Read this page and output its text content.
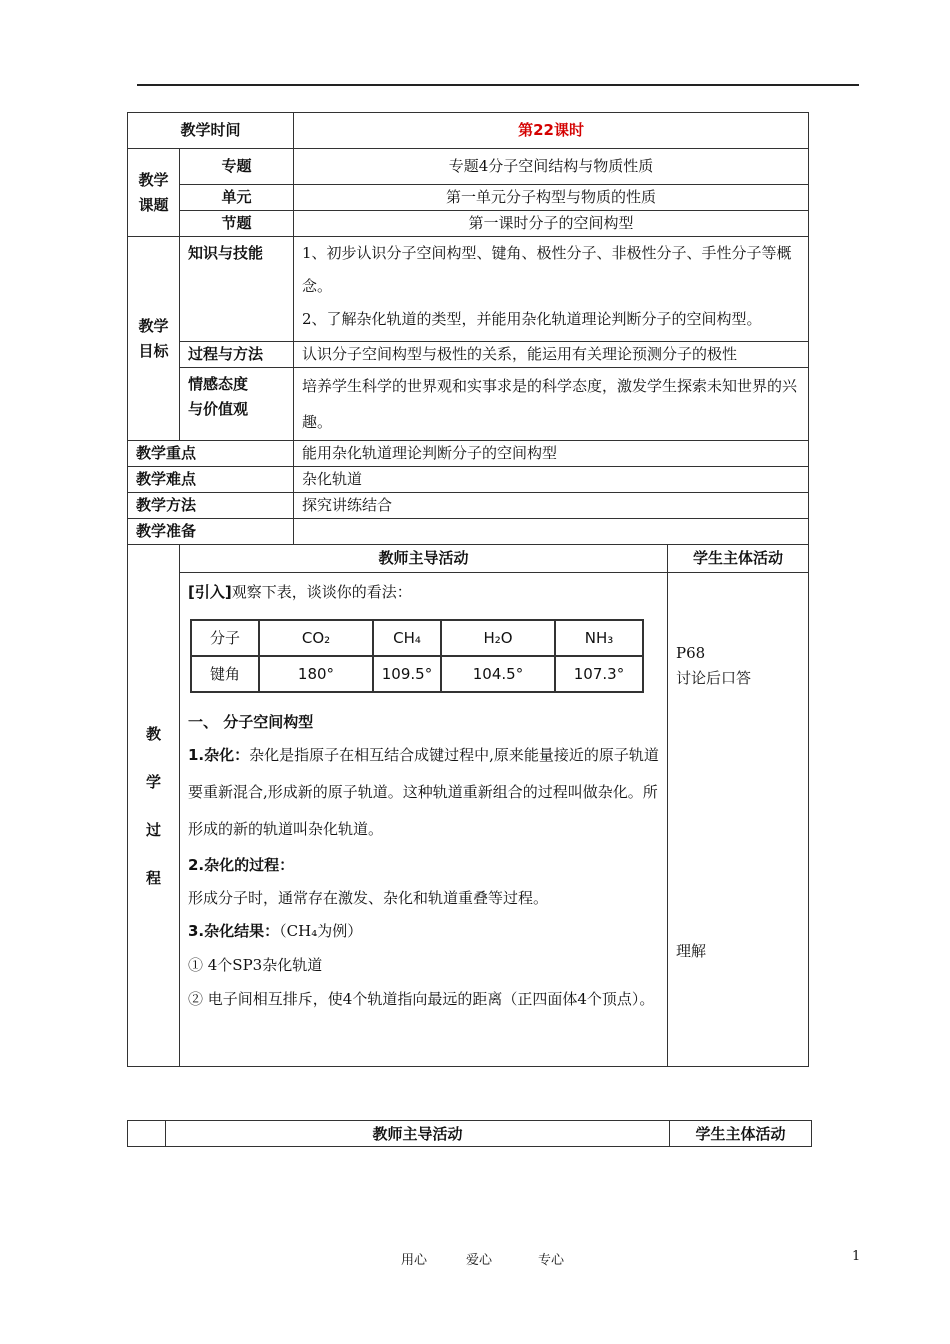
教学时间	第22课时

教学课题
	专题	专题4分子空间结构与物质性质
单元	第一单元分子构型与物质的性质
节题	第一课时分子的空间构型

教学目标
	知识与技能	1、初步认识分子空间构型、键角、极性分子、非极性分子、手性分子等概念。
2、了解杂化轨道的类型，并能用杂化轨道理论判断分子的空间构型。

过程与方法	认识分子空间构型与极性的关系，能运用有关理论预测分子的极性

情感态度
与价值观
	培养学生科学的世界观和实事求是的科学态度，激发学生探索未知世界的兴趣。
教学重点	能用杂化轨道理论判断分子的空间构型
教学难点	杂化轨道
教学方法	探究讲练结合
教学准备	

教
学
过
程
	教师主导活动	学生主体活动

[引入]观察下表，谈谈你的看法：

分子	CO₂	CH₄	H₂O	NH₃
键角	180°	109.5°	104.5°	107.3°

一、 分子空间构型

1.杂化：杂化是指原子在相互结合成键过程中,原来能量接近的原子轨道要重新混合,形成新的原子轨道。这种轨道重新组合的过程叫做杂化。所形成的新的轨道叫杂化轨道。

2.杂化的过程：

形成分子时，通常存在激发、杂化和轨道重叠等过程。

3.杂化结果：（CH₄为例）

① 4个SP3杂化轨道

② 电子间相互排斥，使4个轨道指向最远的距离（正四面体4个顶点）。

P68
讨论后口答
理解
	教师主导活动	学生主体活动
用心	爱心	专心	1
